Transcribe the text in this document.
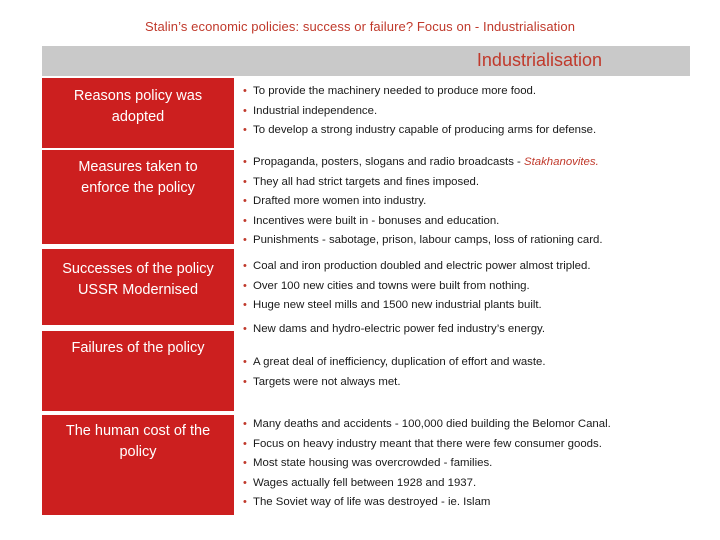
Stalin’s economic policies: success or failure? Focus on - Industrialisation
Industrialisation
Reasons policy was
adopted
• To provide the machinery needed to produce more food.
• Industrial independence.
• To develop a strong industry capable of producing arms for defense.
Measures taken to
enforce the policy
• Propaganda, posters, slogans and radio broadcasts - Stakhanovites.
• They all had strict targets and fines imposed.
• Drafted more women into industry.
• Incentives were built in - bonuses and education.
• Punishments - sabotage, prison, labour camps, loss of rationing card.
Successes of the policy
USSR Modernised
• Coal and iron production doubled and electric power almost tripled.
• Over 100 new cities and towns were built from nothing.
• Huge new steel mills and 1500 new industrial plants built.
• New dams and hydro-electric power fed industry’s energy.
Failures of the policy
• A great deal of inefficiency, duplication of effort and waste.
• Targets were not always met.
The human cost of the
policy
• Many deaths and accidents - 100,000 died building the Belomor Canal.
• Focus on heavy industry meant that there were few consumer goods.
• Most state housing was overcrowded - families.
• Wages actually fell between 1928 and 1937.
• The Soviet way of life was destroyed - ie. Islam
